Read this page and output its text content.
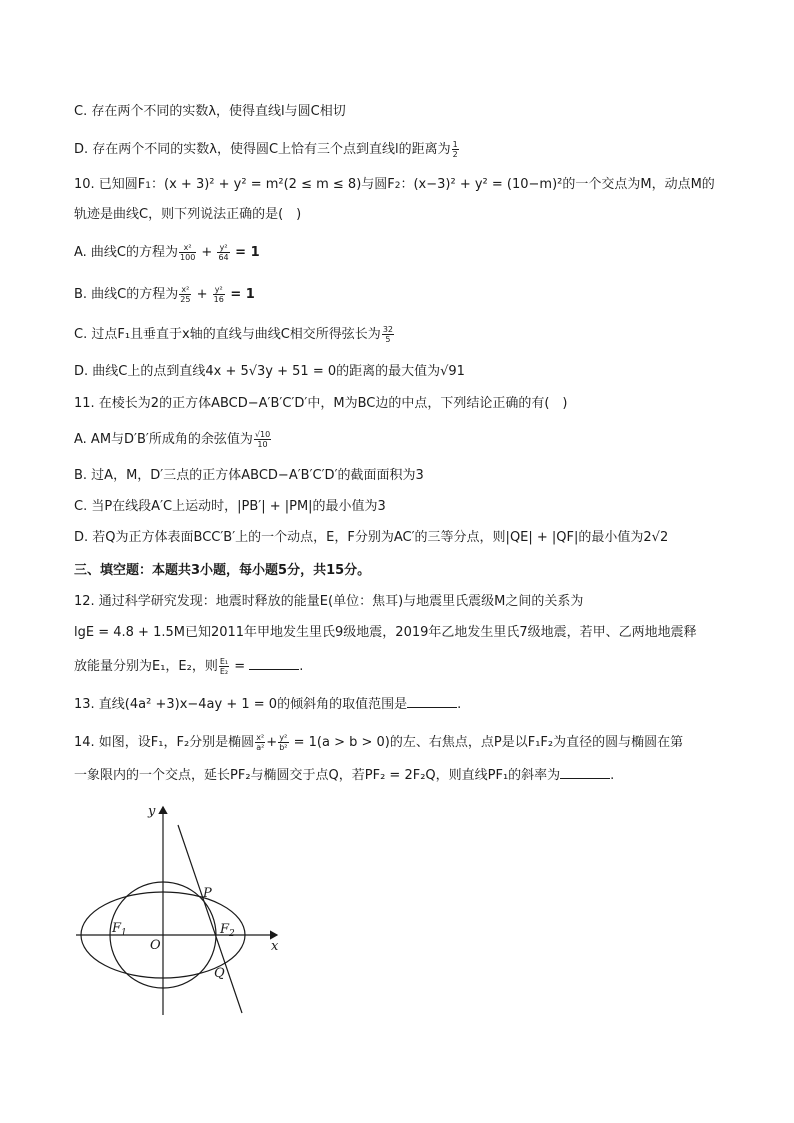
C. 存在两个不同的实数λ，使得直线l与圆C相切
D. 存在两个不同的实数λ，使得圆C上恰有三个点到直线l的距离为 $\frac{1}{2}$
10. 已知圆F1：(x + 3)² + y² = m²(2 ≤ m ≤ 8)与圆F2：(x−3)² + y² = (10−m)²的一个交点为M，动点M的
轨迹是曲线C，则下列说法正确的是(　)
A. 曲线C的方程为 $\frac{\text{x²}}{100} + \frac{\text{y²}}{64} = 1$
B. 曲线C的方程为 $\frac{\text{x²}}{25} + \frac{\text{y²}}{16} = 1$
C. 过点F₁且垂直于x轴的直线与曲线C相交所得弦长为 $\frac{32}{5}$
D. 曲线C上的点到直线4x + 5√3y + 51 = 0的距离的最大值为√91
11. 在棱长为2的正方体ABCD−A′B′C′D′中，M为BC边的中点，下列结论正确的有(　)
A. AM与D′B′所成角的余弦值为 $\frac{√10}{10}$
B. 过A，M，D′三点的正方体ABCD−A′B′C′D′的截面面积为3
C. 当P在线段A′C上运动时，|PB′| + |PM|的最小值为3
D. 若Q为正方体表面BCC′B′上的一个动点，E，F分别为AC′的三等分点，则|QE| + |QF|的最小值为2√2
三、填空题：本题共3小题，每小题5分，共15分。
12. 通过科学研究发现：地震时释放的能量E(单位：焦耳)与地震里氏震级M之间的关系为
lgE = 4.8 + 1.5M已知2011年甲地发生里氏9级地震，2019年乙地发生里氏7级地震，若甲、乙两地地震释
放能量分别为E₁，E₂，则 $\frac{\text{E₁}}{\text{E₂}}$ =	.
13. 直线(4a² +3)x−4ay + 1 = 0的倾斜角的取值范围是	.
14. 如图，设F₁，F₂分别是椭圆 $\frac{\text{x²}}{\text{a²}} + \frac{\text{y²}}{\text{b²}} = 1(a > b > 0)$的左、右焦点，点P是以F₁F₂为直径的圆与椭圆在第
一象限内的一个交点，延长PF₂与椭圆交于点Q，若PF₂ = 2F₂Q，则直线PF₁的斜率为	.
y
x
O
P
Q
$F_1$	$F_2$
